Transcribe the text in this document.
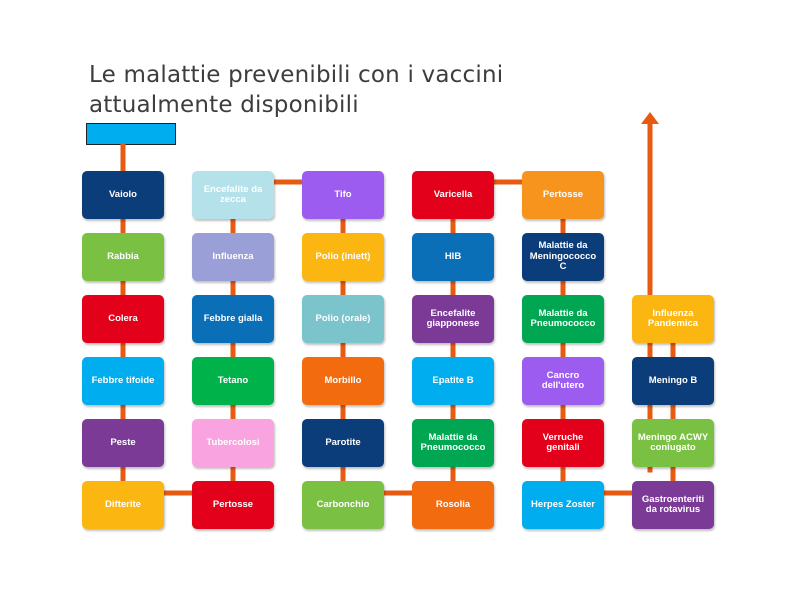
Le malattie prevenibili con i vaccini
attualmente disponibili
Vaiolo
Rabbia
Colera
Febbre tifoide
Peste
Difterite
Encefalite da zecca
Influenza
Febbre gialla
Tetano
Tubercolosi
Pertosse
Tifo
Polio (iniett)
Polio (orale)
Morbillo
Parotite
Carbonchio
Varicella
HIB
Encefalite giapponese
Epatite B
Malattie da Pneumococco
Rosolia
Pertosse
Malattie da Meningococco C
Malattie da Pneumococco
Cancro dell'utero
Verruche genitali
Herpes Zoster
Influenza Pandemica
Meningo B
Meningo ACWY coniugato
Gastroenteriti da rotavirus
